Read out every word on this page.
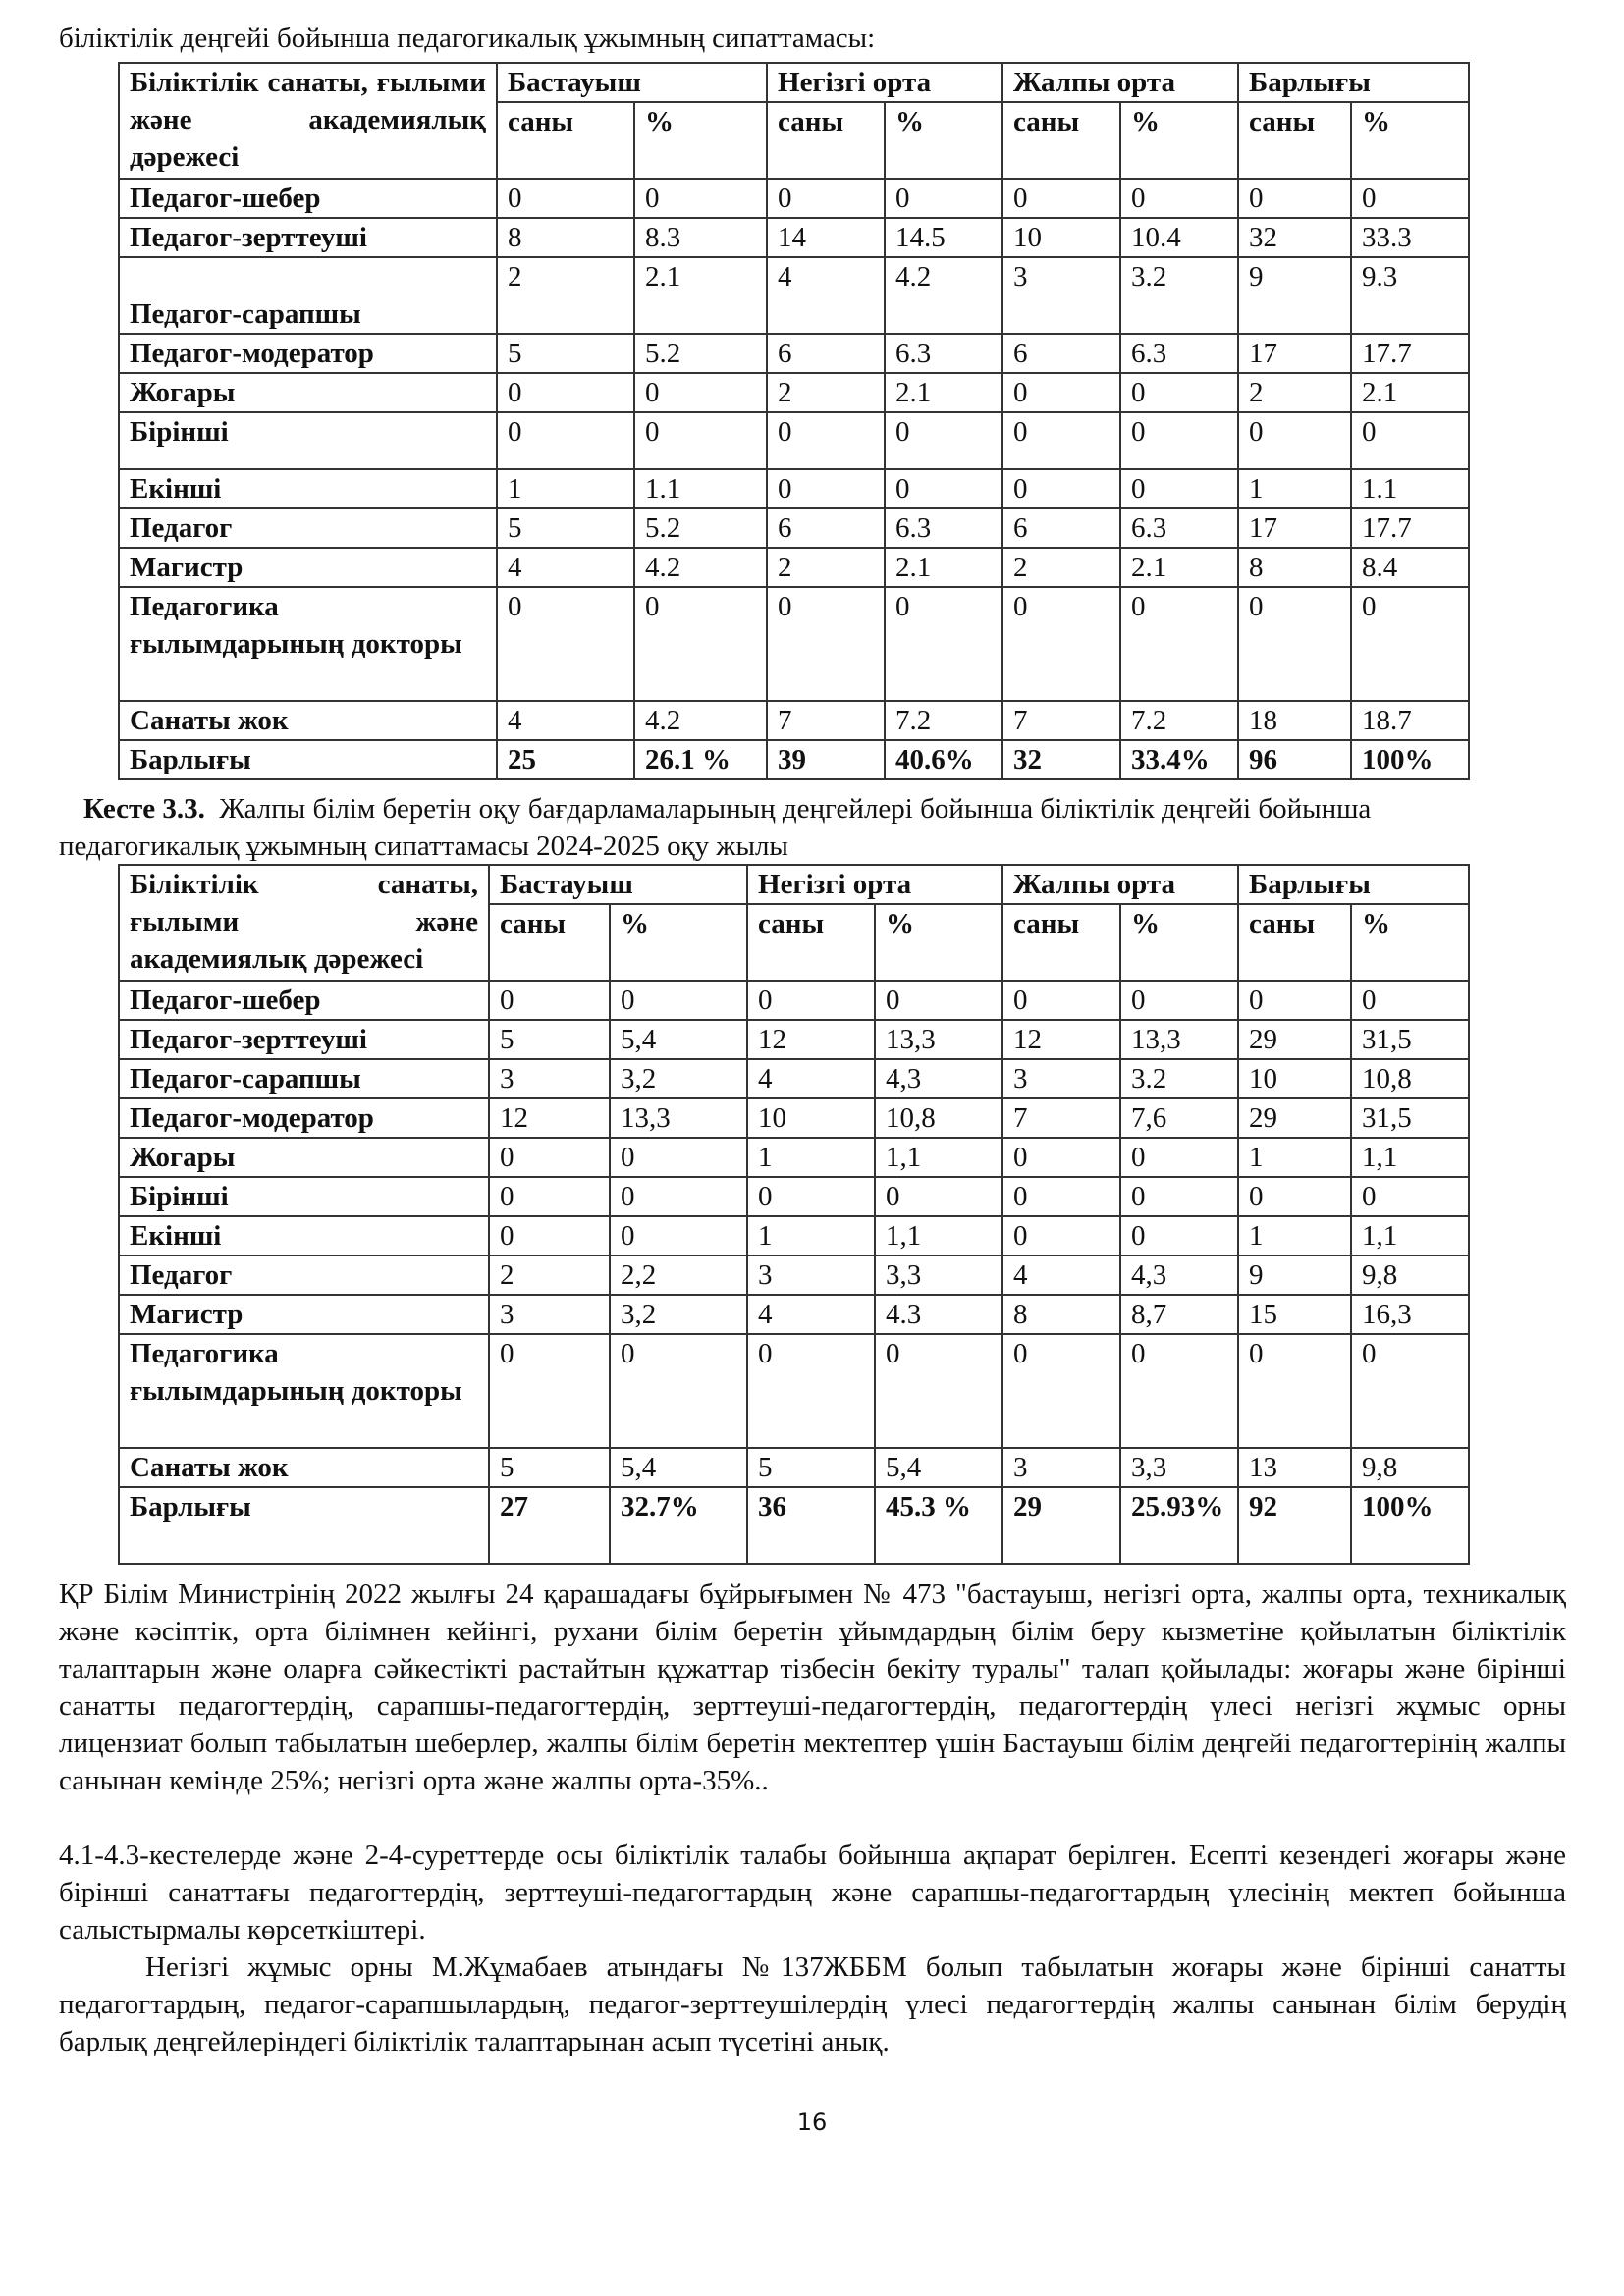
біліктілік деңгейі бойынша педагогикалық ұжымның сипаттамасы:
Біліктілік санаты, ғылыми және академиялық дәрежесі	Бастауыш		Негізгі орта		Жалпы орта		Барлығы	
	саны	%	саны	%	саны	%	саны	%
Педагог-шебер	0	0	0	0	0	0	0	0
Педагог-зерттеуші	8	8.3	14	14.5	10	10.4	32	33.3
Педагог-сарапшы	2	2.1	4	4.2	3	3.2	9	9.3
Педагог-модератор	5	5.2	6	6.3	6	6.3	17	17.7
Жогары	0	0	2	2.1	0	0	2	2.1
Бірінші	0	0	0	0	0	0	0	0
Екінші	1	1.1	0	0	0	0	1	1.1
Педагог	5	5.2	6	6.3	6	6.3	17	17.7
Магистр	4	4.2	2	2.1	2	2.1	8	8.4
Педагогика ғылымдарының докторы	0	0	0	0	0	0	0	0
Санаты жок	4	4.2	7	7.2	7	7.2	18	18.7
Барлығы	25	26.1 %	39	40.6%	32	33.4%	96	100%
Кесте 3.3. Жалпы білім беретін оқу бағдарламаларының деңгейлері бойынша біліктілік деңгейі бойынша
педагогикалық ұжымның сипаттамасы 2024-2025 оқу жылы
Біліктілік санаты, ғылыми және академиялық дәрежесі	Бастауыш		Негізгі орта		Жалпы орта		Барлығы	
	саны	%	саны	%	саны	%	саны	%
Педагог-шебер	0	0	0	0	0	0	0	0
Педагог-зерттеуші	5	5,4	12	13,3	12	13,3	29	31,5
Педагог-сарапшы	3	3,2	4	4,3	3	3.2	10	10,8
Педагог-модератор	12	13,3	10	10,8	7	7,6	29	31,5
Жогары	0	0	1	1,1	0	0	1	1,1
Бірінші	0	0	0	0	0	0	0	0
Екінші	0	0	1	1,1	0	0	1	1,1
Педагог	2	2,2	3	3,3	4	4,3	9	9,8
Магистр	3	3,2	4	4.3	8	8,7	15	16,3
Педагогика ғылымдарының докторы	0	0	0	0	0	0	0	0
Санаты жок	5	5,4	5	5,4	3	3,3	13	9,8
Барлығы	27	32.7%	36	45.3 %	29	25.93%	92	100%
ҚР Білім Министрінің 2022 жылғы 24 қарашадағы бұйрығымен № 473 "бастауыш, негізгі орта, жалпы орта, техникалық және кәсіптік, орта білімнен кейінгі, рухани білім беретін ұйымдардың білім беру кызметіне қойылатын біліктілік талаптарын және оларға сәйкестікті растайтын құжаттар тізбесін бекіту туралы" талап қойылады: жоғары және бірінші санатты педагогтердің, сарапшы-педагогтердің, зерттеуші-педагогтердің, педагогтердің үлесі негізгі жұмыс орны лицензиат болып табылатын шеберлер, жалпы білім беретін мектептер үшін Бастауыш білім деңгейі педагогтерінің жалпы санынан кемінде 25%; негізгі орта және жалпы орта-35%..
4.1-4.3-кестелерде және 2-4-суреттерде осы біліктілік талабы бойынша ақпарат берілген. Есепті кезендегі жоғары және бірінші санаттағы педагогтердің, зерттеуші-педагогтардың және сарапшы-педагогтардың үлесінің мектеп бойынша салыстырмалы көрсеткіштері.
Негізгі жұмыс орны М.Жұмабаев атындағы №137ЖББМ болып табылатын жоғары және бірінші санатты педагогтардың, педагог-сарапшылардың, педагог-зерттеушілердің үлесі педагогтердің жалпы санынан білім берудің барлық деңгейлеріндегі біліктілік талаптарынан асып түсетіні анық.
16
